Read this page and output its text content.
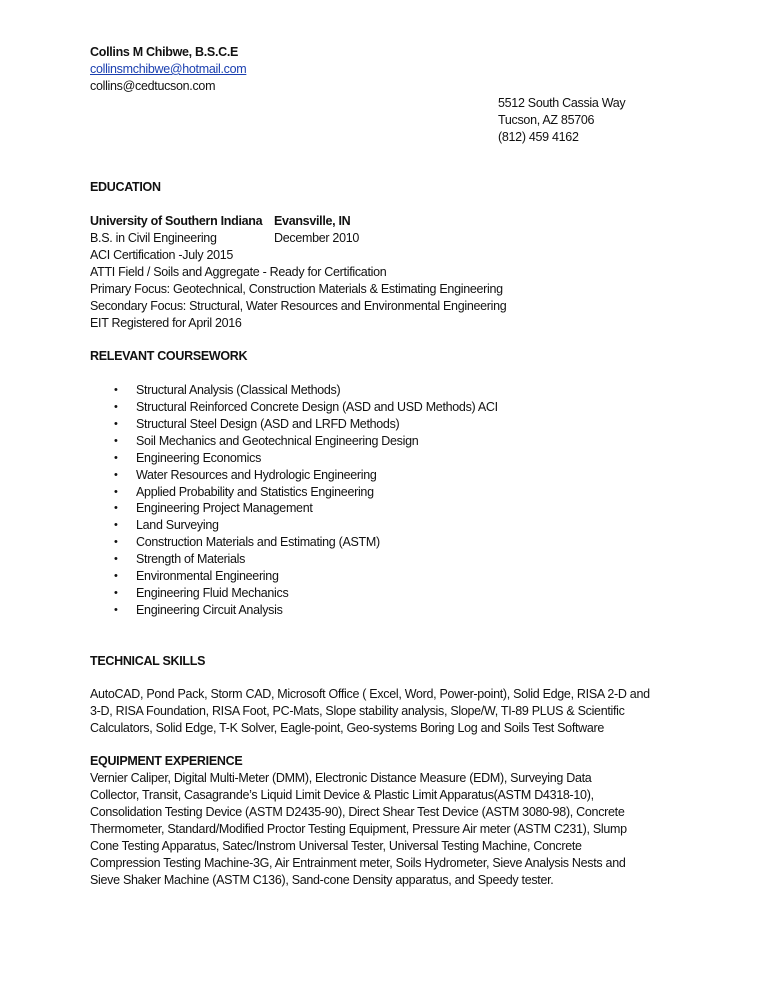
Collins M Chibwe, B.S.C.E
collinsmchibwe@hotmail.com
collins@cedtucson.com
5512 South Cassia Way
Tucson, AZ 85706
(812) 459 4162
EDUCATION
University of Southern Indiana Evansville, IN
B.S. in Civil Engineering	December 2010
ACI Certification -July 2015
ATTI Field / Soils and Aggregate - Ready for Certification
Primary Focus: Geotechnical, Construction Materials & Estimating Engineering
Secondary Focus: Structural, Water Resources and Environmental Engineering
EIT Registered for April 2016
RELEVANT COURSEWORK
• Structural Analysis (Classical Methods)
• Structural Reinforced Concrete Design (ASD and USD Methods) ACI
• Structural Steel Design (ASD and LRFD Methods)
• Soil Mechanics and Geotechnical Engineering Design
• Engineering Economics
• Water Resources and Hydrologic Engineering
• Applied Probability and Statistics Engineering
• Engineering Project Management
• Land Surveying
• Construction Materials and Estimating (ASTM)
• Strength of Materials
• Environmental Engineering
• Engineering Fluid Mechanics
• Engineering Circuit Analysis
TECHNICAL SKILLS
AutoCAD, Pond Pack, Storm CAD, Microsoft Office ( Excel, Word, Power-point), Solid Edge, RISA 2-D and
3-D, RISA Foundation, RISA Foot, PC-Mats, Slope stability analysis, Slope/W, TI-89 PLUS & Scientific
Calculators, Solid Edge, T-K Solver, Eagle-point, Geo-systems Boring Log and Soils Test Software
EQUIPMENT EXPERIENCE
Vernier Caliper, Digital Multi-Meter (DMM), Electronic Distance Measure (EDM), Surveying Data
Collector, Transit, Casagrande’s Liquid Limit Device & Plastic Limit Apparatus(ASTM D4318-10),
Consolidation Testing Device (ASTM D2435-90), Direct Shear Test Device (ASTM 3080-98), Concrete
Thermometer, Standard/Modified Proctor Testing Equipment, Pressure Air meter (ASTM C231), Slump
Cone Testing Apparatus, Satec/Instrom Universal Tester, Universal Testing Machine, Concrete
Compression Testing Machine-3G, Air Entrainment meter, Soils Hydrometer, Sieve Analysis Nests and
Sieve Shaker Machine (ASTM C136), Sand-cone Density apparatus, and Speedy tester.
